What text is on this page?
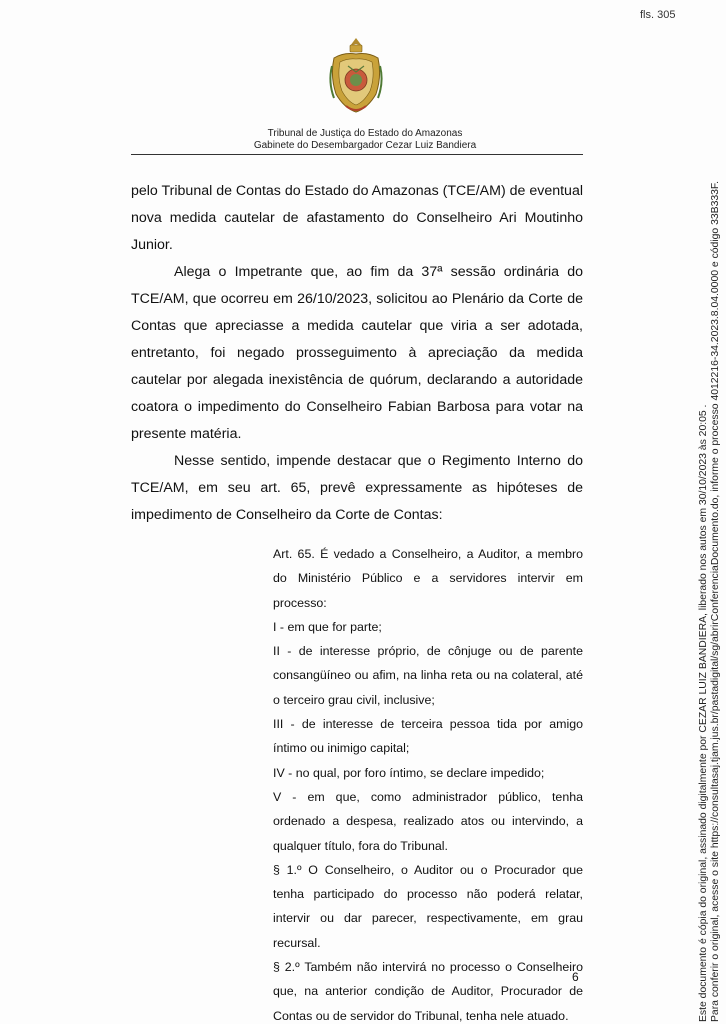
fls. 305
Tribunal de Justiça do Estado do Amazonas
Gabinete do Desembargador Cezar Luiz Bandiera

pelo Tribunal de Contas do Estado do Amazonas (TCE/AM) de eventual nova medida cautelar de afastamento do Conselheiro Ari Moutinho Junior.

Alega o Impetrante que, ao fim da 37ª sessão ordinária do TCE/AM, que ocorreu em 26/10/2023, solicitou ao Plenário da Corte de Contas que apreciasse a medida cautelar que viria a ser adotada, entretanto, foi negado prosseguimento à apreciação da medida cautelar por alegada inexistência de quórum, declarando a autoridade coatora o impedimento do Conselheiro Fabian Barbosa para votar na presente matéria.

Nesse sentido, impende destacar que o Regimento Interno do TCE/AM, em seu art. 65, prevê expressamente as hipóteses de impedimento de Conselheiro da Corte de Contas:

Art. 65. É vedado a Conselheiro, a Auditor, a membro do Ministério Público e a servidores intervir em processo:

I - em que for parte;

II - de interesse próprio, de cônjuge ou de parente consangüíneo ou afim, na linha reta ou na colateral, até o terceiro grau civil, inclusive;

III - de interesse de terceira pessoa tida por amigo íntimo ou inimigo capital;

IV - no qual, por foro íntimo, se declare impedido;

V - em que, como administrador público, tenha ordenado a despesa, realizado atos ou intervindo, a qualquer título, fora do Tribunal.

§ 1.º O Conselheiro, o Auditor ou o Procurador que tenha participado do processo não poderá relatar, intervir ou dar parecer, respectivamente, em grau recursal.

§ 2.º Também não intervirá no processo o Conselheiro que, na anterior condição de Auditor, Procurador de Contas ou de servidor do Tribunal, tenha nele atuado.

6	Este documento é cópia do original, assinado digitalmente por CEZAR LUIZ BANDIERA, liberado nos autos em 30/10/2023 às 20:05 . Para conferir o original, acesse o site https://consultasaj.tjam.jus.br/pastadigital/sg/abrirConferenciaDocumento.do, informe o processo 4012216-34.2023.8.04.0000 e código 33B333F.
